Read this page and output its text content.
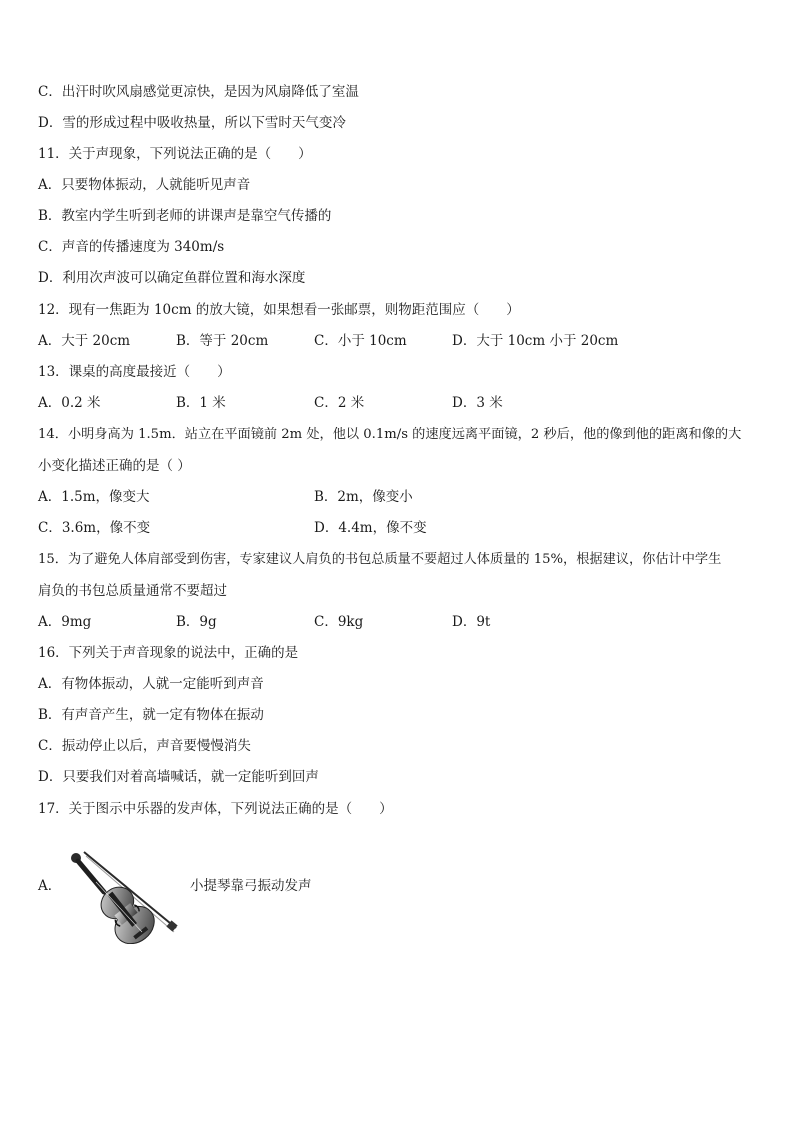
C．出汗时吹风扇感觉更凉快，是因为风扇降低了室温
D．雪的形成过程中吸收热量，所以下雪时天气变冷
11．关于声现象，下列说法正确的是（　　）
A．只要物体振动，人就能听见声音
B．教室内学生听到老师的讲课声是靠空气传播的
C．声音的传播速度为 340m/s
D．利用次声波可以确定鱼群位置和海水深度
12．现有一焦距为 10cm 的放大镜，如果想看一张邮票，则物距范围应（　　）
A．大于 20cm	B．等于 20cm	C．小于 10cm	D．大于 10cm 小于 20cm
13．课桌的高度最接近（　　）
A．0.2 米	B．1 米	C．2 米	D．3 米
14．小明身高为 1.5m．站立在平面镜前 2m 处，他以 0.1m/s 的速度远离平面镜，2 秒后，他的像到他的距离和像的大
小变化描述正确的是（ ）
A．1.5m，像变大	B．2m，像变小
C．3.6m，像不变	D．4.4m，像不变
15．为了避免人体肩部受到伤害，专家建议人肩负的书包总质量不要超过人体质量的 15%，根据建议，你估计中学生
肩负的书包总质量通常不要超过
A．9mg	B．9g	C．9kg	D．9t
16．下列关于声音现象的说法中，正确的是
A．有物体振动，人就一定能听到声音
B．有声音产生，就一定有物体在振动
C．振动停止以后，声音要慢慢消失
D．只要我们对着高墙喊话，就一定能听到回声
17．关于图示中乐器的发声体，下列说法正确的是（　　）
A．	小提琴靠弓振动发声
